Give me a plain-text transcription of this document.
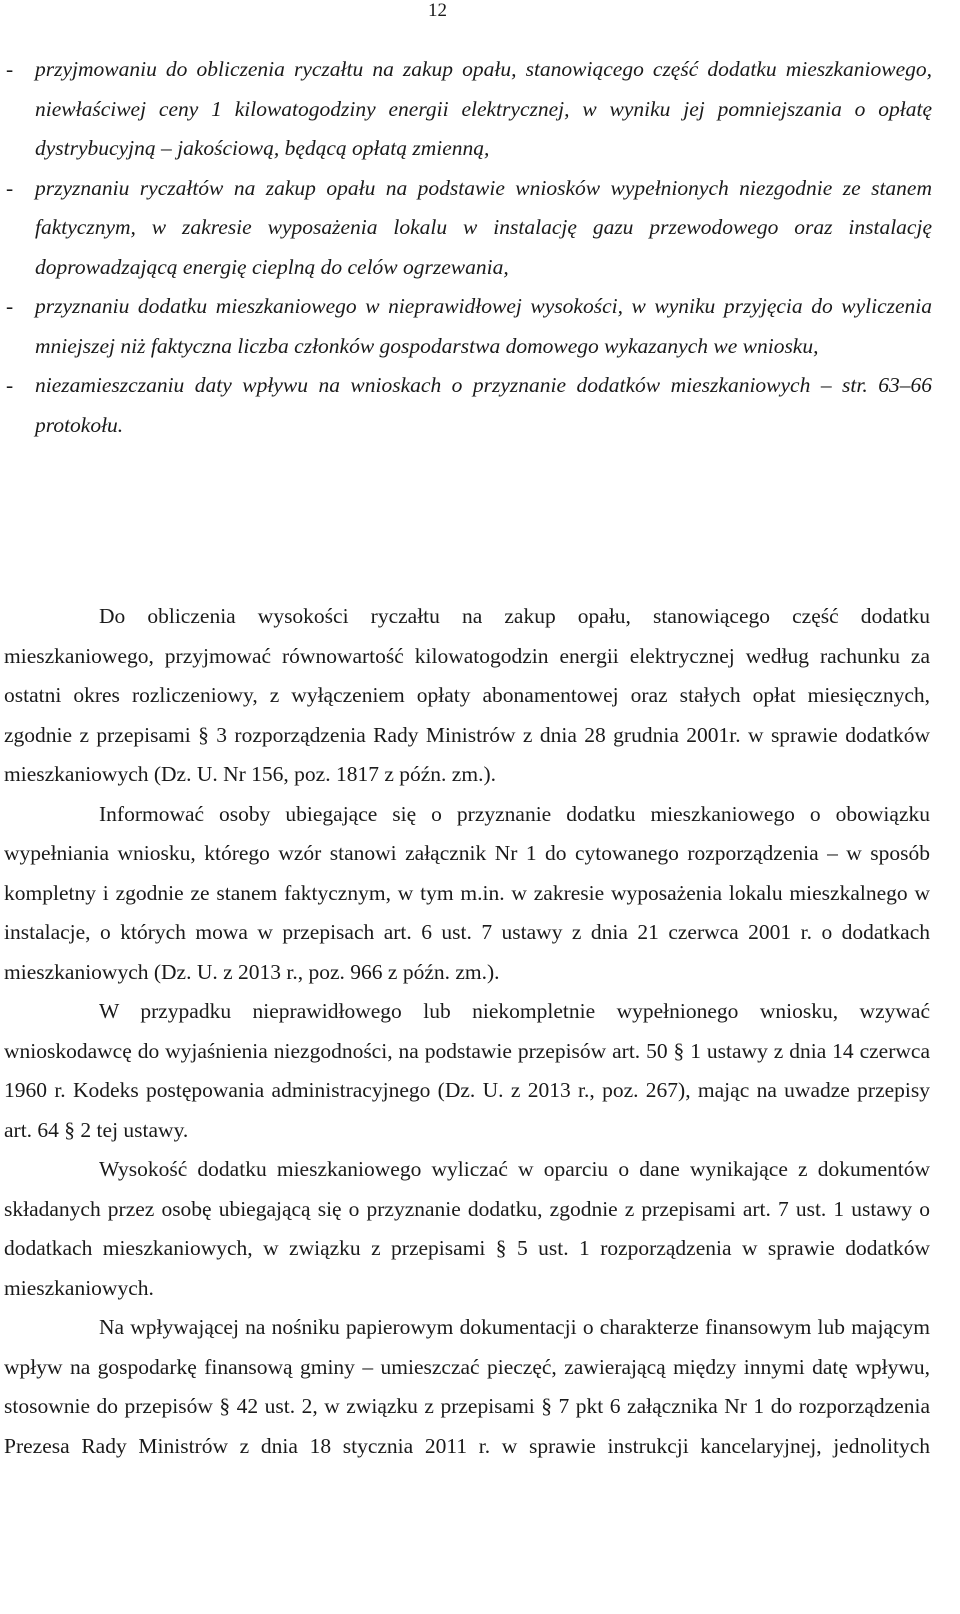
12
- przyjmowaniu do obliczenia ryczałtu na zakup opału, stanowiącego część dodatku mieszkaniowego, niewłaściwej ceny 1 kilowatogodziny energii elektrycznej, w wyniku jej pomniejszania o opłatę dystrybucyjną – jakościową, będącą opłatą zmienną,
- przyznaniu ryczałtów na zakup opału na podstawie wniosków wypełnionych niezgodnie ze stanem faktycznym, w zakresie wyposażenia lokalu w instalację gazu przewodowego oraz instalację doprowadzającą energię cieplną do celów ogrzewania,
- przyznaniu dodatku mieszkaniowego w nieprawidłowej wysokości, w wyniku przyjęcia do wyliczenia mniejszej niż faktyczna liczba członków gospodarstwa domowego wykazanych we wniosku,
- niezamieszczaniu daty wpływu na wnioskach o przyznanie dodatków mieszkaniowych – str. 63–66 protokołu.

Do obliczenia wysokości ryczałtu na zakup opału, stanowiącego część dodatku mieszkaniowego, przyjmować równowartość kilowatogodzin energii elektrycznej według rachunku za ostatni okres rozliczeniowy, z wyłączeniem opłaty abonamentowej oraz stałych opłat miesięcznych, zgodnie z przepisami § 3 rozporządzenia Rady Ministrów z dnia 28 grudnia 2001r. w sprawie dodatków mieszkaniowych (Dz. U. Nr 156, poz. 1817 z późn. zm.).

Informować osoby ubiegające się o przyznanie dodatku mieszkaniowego o obowiązku wypełniania wniosku, którego wzór stanowi załącznik Nr 1 do cytowanego rozporządzenia – w sposób kompletny i zgodnie ze stanem faktycznym, w tym m.in. w zakresie wyposażenia lokalu mieszkalnego w instalacje, o których mowa w przepisach art. 6 ust. 7 ustawy z dnia 21 czerwca 2001 r. o dodatkach mieszkaniowych (Dz. U. z 2013 r., poz. 966 z późn. zm.).

W przypadku nieprawidłowego lub niekompletnie wypełnionego wniosku, wzywać wnioskodawcę do wyjaśnienia niezgodności, na podstawie przepisów art. 50 § 1 ustawy z dnia 14 czerwca 1960 r. Kodeks postępowania administracyjnego (Dz. U. z 2013 r., poz. 267), mając na uwadze przepisy art. 64 § 2 tej ustawy.

Wysokość dodatku mieszkaniowego wyliczać w oparciu o dane wynikające z dokumentów składanych przez osobę ubiegającą się o przyznanie dodatku, zgodnie z przepisami art. 7 ust. 1 ustawy o dodatkach mieszkaniowych, w związku z przepisami § 5 ust. 1 rozporządzenia w sprawie dodatków mieszkaniowych.

Na wpływającej na nośniku papierowym dokumentacji o charakterze finansowym lub mającym wpływ na gospodarkę finansową gminy – umieszczać pieczęć, zawierającą między innymi datę wpływu, stosownie do przepisów § 42 ust. 2, w związku z przepisami § 7 pkt 6 załącznika Nr 1 do rozporządzenia Prezesa Rady Ministrów z dnia 18 stycznia 2011 r. w sprawie instrukcji kancelaryjnej, jednolitych
